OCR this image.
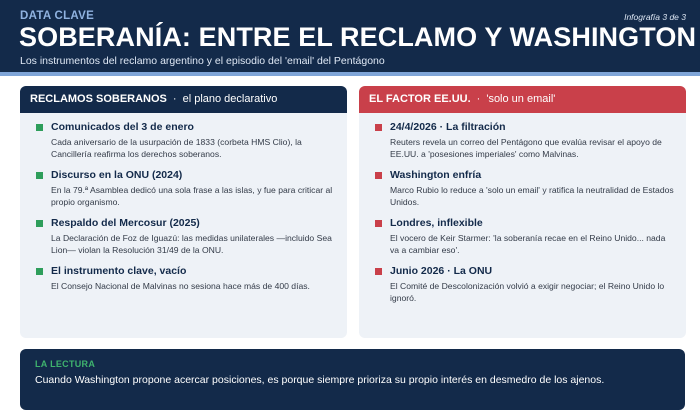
DATA CLAVE	Infografía 3 de 3
SOBERANÍA: ENTRE EL RECLAMO Y WASHINGTON
Los instrumentos del reclamo argentino y el episodio del 'email' del Pentágono
RECLAMOS SOBERANOS · el plano declarativo
Comunicados del 3 de enero
Cada aniversario de la usurpación de 1833 (corbeta HMS Clio), la Cancillería reafirma los derechos soberanos.
Discurso en la ONU (2024)
En la 79.ª Asamblea dedicó una sola frase a las islas, y fue para criticar al propio organismo.
Respaldo del Mercosur (2025)
La Declaración de Foz de Iguazú: las medidas unilaterales —incluido Sea Lion— violan la Resolución 31/49 de la ONU.
El instrumento clave, vacío
El Consejo Nacional de Malvinas no sesiona hace más de 400 días.
EL FACTOR EE.UU. · 'solo un email'
24/4/2026 · La filtración
Reuters revela un correo del Pentágono que evalúa revisar el apoyo de EE.UU. a 'posesiones imperiales' como Malvinas.
Washington enfría
Marco Rubio lo reduce a 'solo un email' y ratifica la neutralidad de Estados Unidos.
Londres, inflexible
El vocero de Keir Starmer: 'la soberanía recae en el Reino Unido... nada va a cambiar eso'.
Junio 2026 · La ONU
El Comité de Descolonización volvió a exigir negociar; el Reino Unido lo ignoró.
LA LECTURA
Cuando Washington propone acercar posiciones, es porque siempre prioriza su propio interés en desmedro de los ajenos.
